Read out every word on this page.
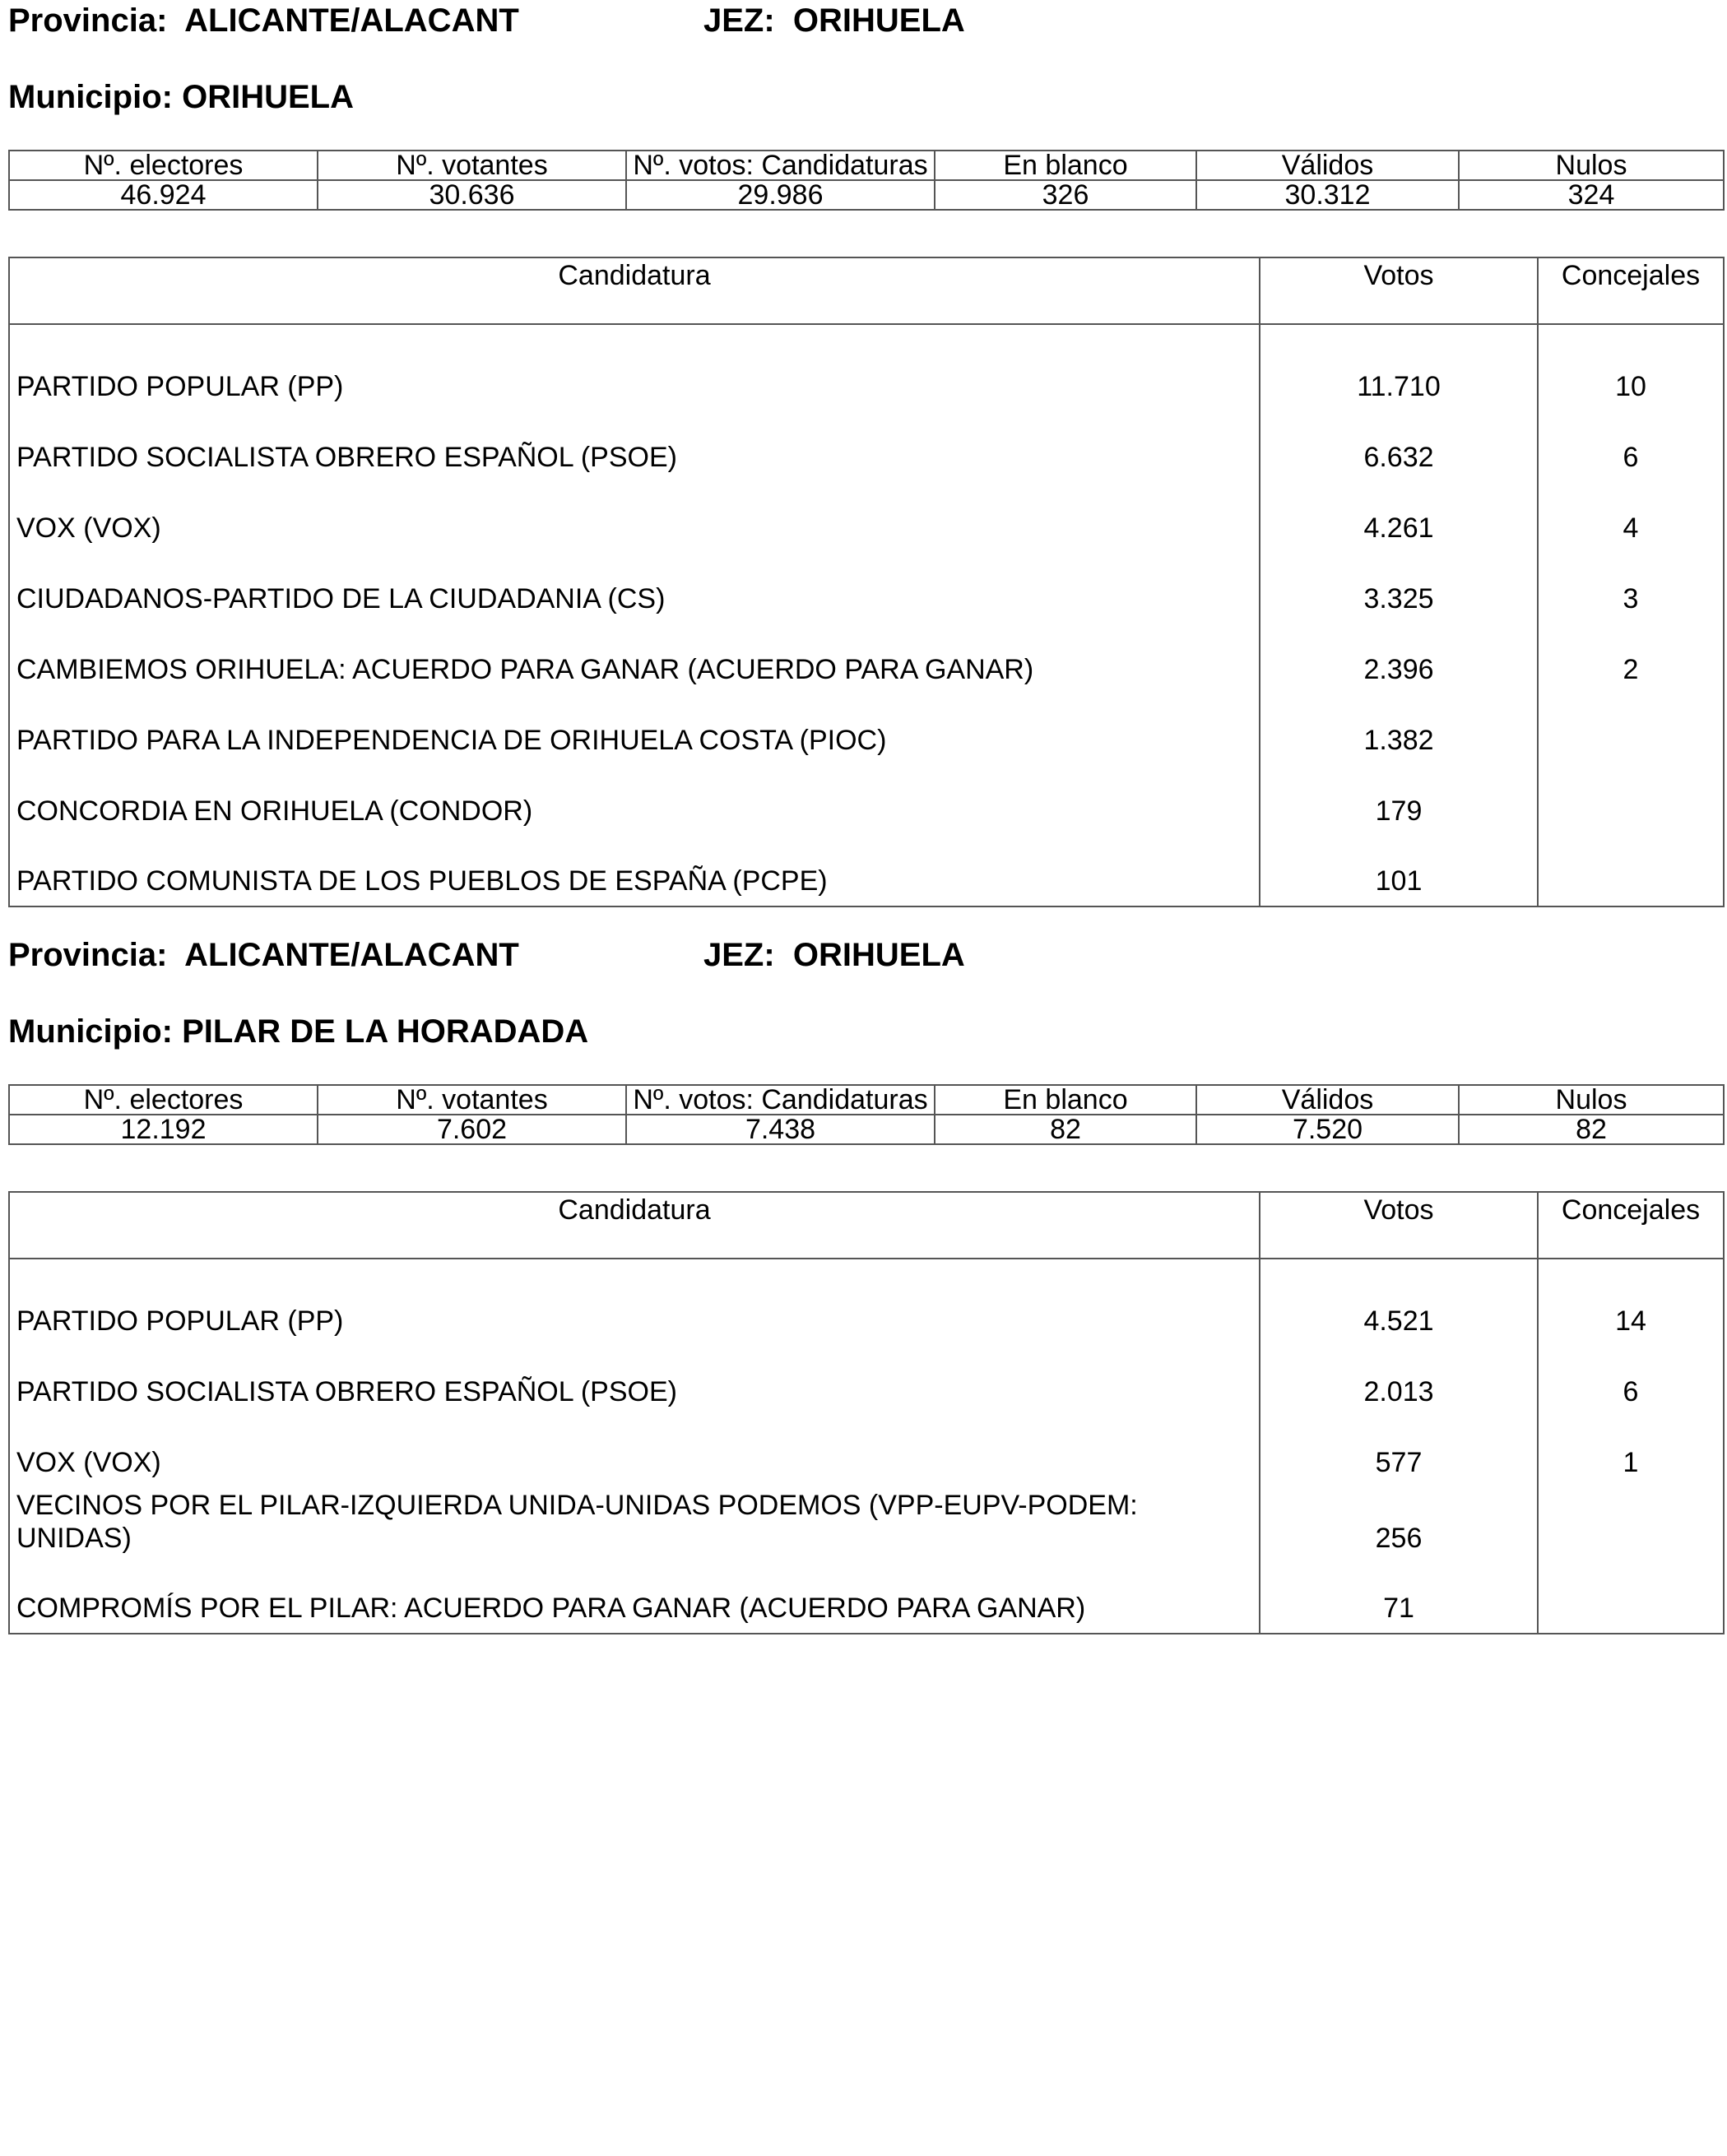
Provincia: ALICANTE/ALACANT	JEZ: ORIHUELA
Municipio: ORIHUELA
Nº. electores	Nº. votantes	Nº. votos: Candidaturas	En blanco	Válidos	Nulos
46.924	30.636	29.986	326	30.312	324
Candidatura	Votos	Concejales
PARTIDO POPULAR (PP)	11.710	10
PARTIDO SOCIALISTA OBRERO ESPAÑOL (PSOE)	6.632	6
VOX (VOX)	4.261	4
CIUDADANOS-PARTIDO DE LA CIUDADANIA (CS)	3.325	3
CAMBIEMOS ORIHUELA: ACUERDO PARA GANAR (ACUERDO PARA GANAR)	2.396	2
PARTIDO PARA LA INDEPENDENCIA DE ORIHUELA COSTA (PIOC)	1.382	
CONCORDIA EN ORIHUELA (CONDOR)	179	
PARTIDO COMUNISTA DE LOS PUEBLOS DE ESPAÑA (PCPE)	101	
Provincia: ALICANTE/ALACANT	JEZ: ORIHUELA
Municipio: PILAR DE LA HORADADA
Nº. electores	Nº. votantes	Nº. votos: Candidaturas	En blanco	Válidos	Nulos
12.192	7.602	7.438	82	7.520	82
Candidatura	Votos	Concejales
PARTIDO POPULAR (PP)	4.521	14
PARTIDO SOCIALISTA OBRERO ESPAÑOL (PSOE)	2.013	6
VOX (VOX)	577	1
VECINOS POR EL PILAR-IZQUIERDA UNIDA-UNIDAS PODEMOS (VPP-EUPV-PODEM: UNIDAS)	256	
COMPROMÍS POR EL PILAR: ACUERDO PARA GANAR (ACUERDO PARA GANAR)	71	
